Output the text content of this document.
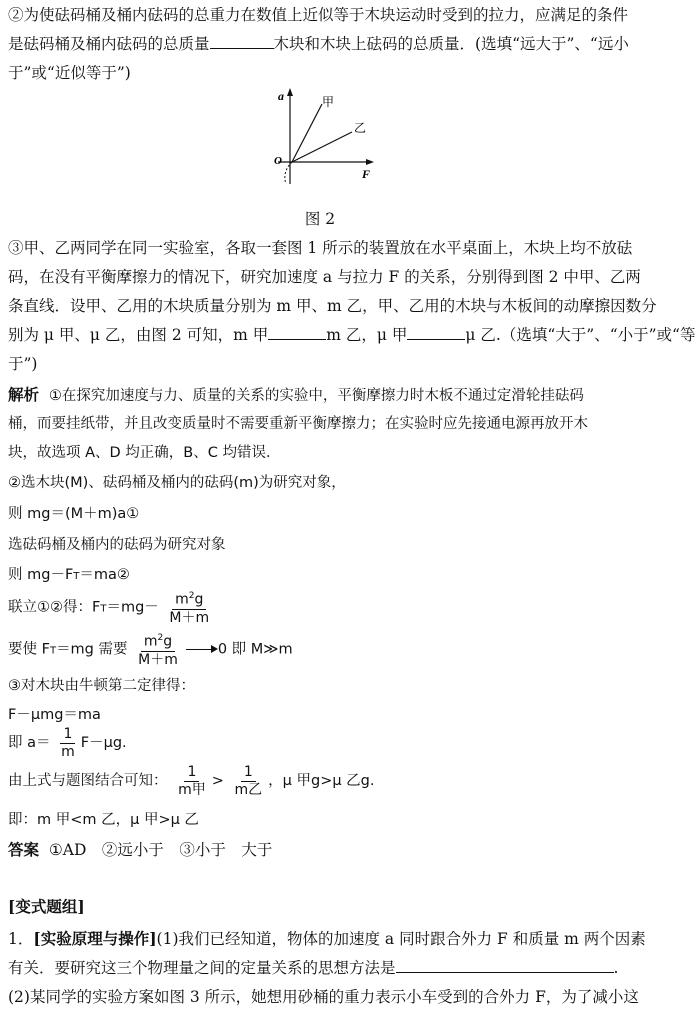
②为使砝码桶及桶内砝码的总重力在数值上近似等于木块运动时受到的拉力，应满足的条件
是砝码桶及桶内砝码的总质量	木块和木块上砝码的总质量．(选填“远大于”、“远小
于”或“近似等于”)
a
F
O
甲
乙
图 2
③甲、乙两同学在同一实验室，各取一套图 1 所示的装置放在水平桌面上，木块上均不放砝
码，在没有平衡摩擦力的情况下，研究加速度 a 与拉力 F 的关系，分别得到图 2 中甲、乙两
条直线．设甲、乙用的木块质量分别为 m 甲、m 乙，甲、乙用的木块与木板间的动摩擦因数分
别为 μ 甲、μ 乙，由图 2 可知，m 甲	m 乙，μ 甲	μ 乙.（选填“大于”、“小于”或“等
于”)
解析 ①在探究加速度与力、质量的关系的实验中，平衡摩擦力时木板不通过定滑轮挂砝码
桶，而要挂纸带，并且改变质量时不需要重新平衡摩擦力；在实验时应先接通电源再放开木
块，故选项 A、D 均正确，B、C 均错误．
②选木块(M)、砝码桶及桶内的砝码(m)为研究对象，
则 mg＝(M＋m)a①
选砝码桶及桶内的砝码为研究对象
则 mg－FT＝ma②
联立①②得：$FT=mg- \frac{m^2g}{M+m}$
要使 FT＝mg 需要 $\frac{m^2g}{M+m}$	0 即 M≫m
③对木块由牛顿第二定律得：
F－μmg＝ma
即 $a= \frac{1}{m} F-\mu g$.
由上式与题图结合可知： $\frac{1}{\text{m甲}} > \frac{1}{\text{m乙}}$ ，μ 甲g>μ 乙g.
即：m 甲<m 乙，μ 甲>μ 乙
答案 ①AD　②远小于　③小于　大于
[变式题组]
1．[实验原理与操作](1)我们已经知道，物体的加速度 a 同时跟合外力 F 和质量 m 两个因素
有关．要研究这三个物理量之间的定量关系的思想方法是	.
(2)某同学的实验方案如图 3 所示，她想用砂桶的重力表示小车受到的合外力 F，为了减小这
